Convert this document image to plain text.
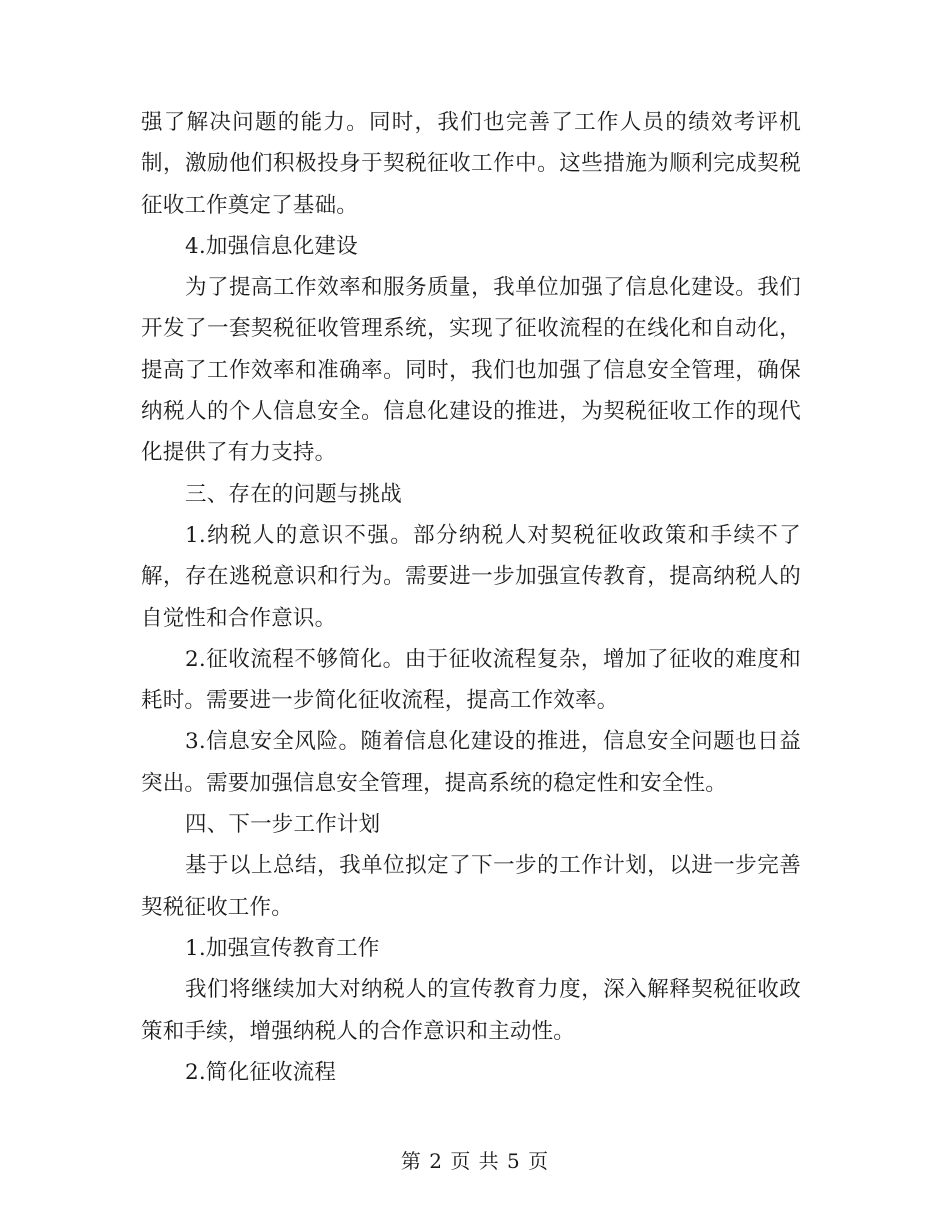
强了解决问题的能力。同时，我们也完善了工作人员的绩效考评机制，激励他们积极投身于契税征收工作中。这些措施为顺利完成契税征收工作奠定了基础。

4.加强信息化建设

为了提高工作效率和服务质量，我单位加强了信息化建设。我们开发了一套契税征收管理系统，实现了征收流程的在线化和自动化，提高了工作效率和准确率。同时，我们也加强了信息安全管理，确保纳税人的个人信息安全。信息化建设的推进，为契税征收工作的现代化提供了有力支持。

三、存在的问题与挑战

1.纳税人的意识不强。部分纳税人对契税征收政策和手续不了解，存在逃税意识和行为。需要进一步加强宣传教育，提高纳税人的自觉性和合作意识。

2.征收流程不够简化。由于征收流程复杂，增加了征收的难度和耗时。需要进一步简化征收流程，提高工作效率。

3.信息安全风险。随着信息化建设的推进，信息安全问题也日益突出。需要加强信息安全管理，提高系统的稳定性和安全性。

四、下一步工作计划

基于以上总结，我单位拟定了下一步的工作计划，以进一步完善契税征收工作。

1.加强宣传教育工作

我们将继续加大对纳税人的宣传教育力度，深入解释契税征收政策和手续，增强纳税人的合作意识和主动性。

2.简化征收流程

第 2 页 共 5 页
